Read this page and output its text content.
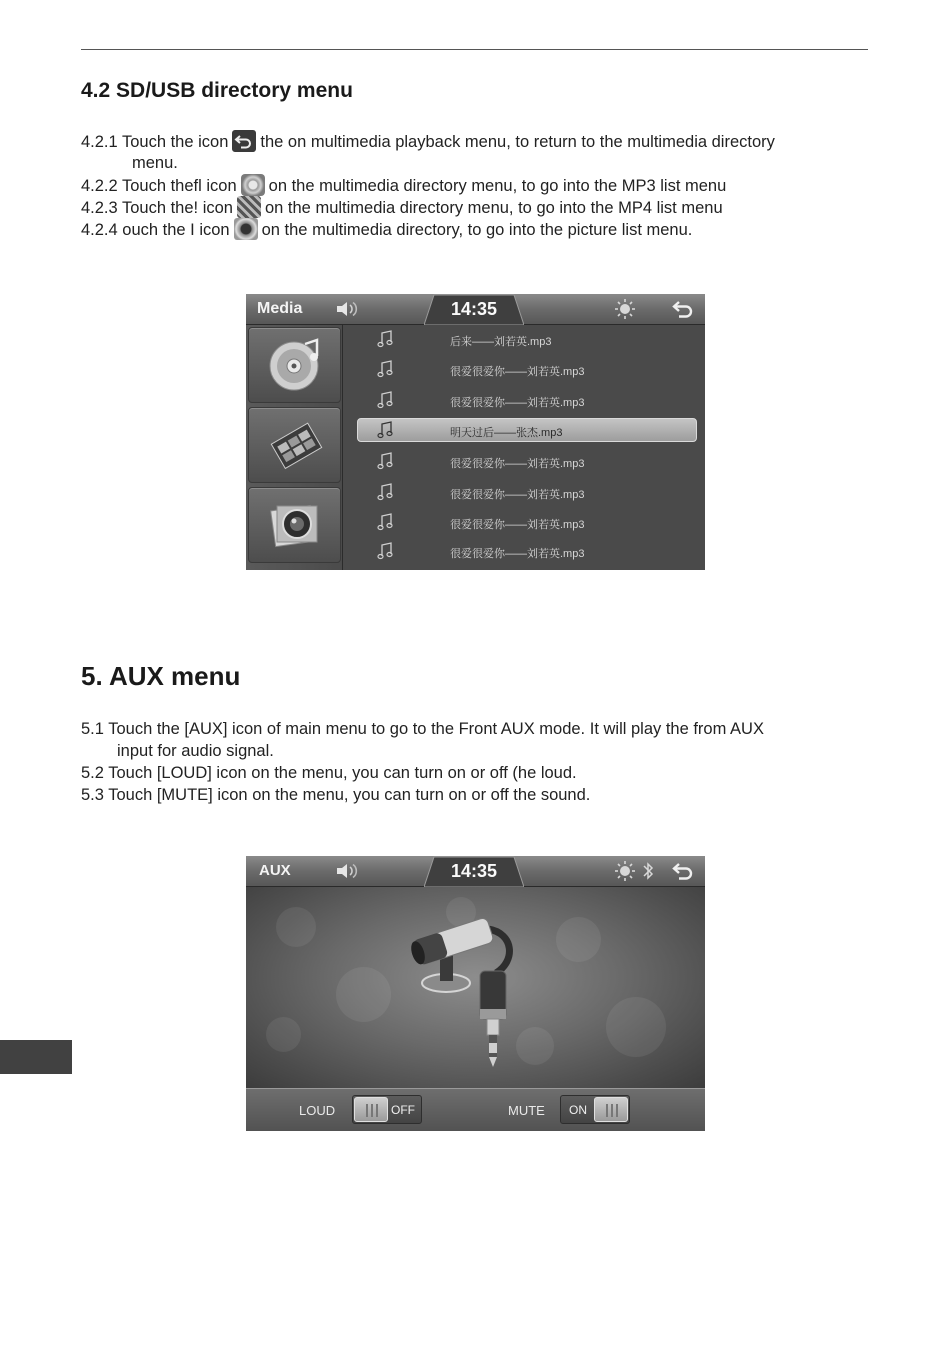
4.2 SD/USB directory menu
4.2.1 Touch the icon the on multimedia playback menu, to return to the multimedia directory
menu.
4.2.2 Touch thefl icon on the multimedia directory menu, to go into the MP3 list menu
4.2.3 Touch the! icon on the multimedia directory menu, to go into the MP4 list menu
4.2.4 ouch the I icon on the multimedia directory, to go into the picture list menu.
Media	14:35
后来——刘若英.mp3
很爱很爱你——刘若英.mp3
很爱很爱你——刘若英.mp3
明天过后——张杰.mp3
很爱很爱你——刘若英.mp3
很爱很爱你——刘若英.mp3
很爱很爱你——刘若英.mp3
很爱很爱你——刘若英.mp3
5. AUX menu
5.1 Touch the [AUX] icon of main menu to go to the Front AUX mode. It will play the from AUX
input for audio signal.
5.2 Touch [LOUD] icon on the menu, you can turn on or off (he loud.
5.3 Touch [MUTE] icon on the menu, you can turn on or off the sound.
AUX	14:35
LOUD	OFF	MUTE ON
